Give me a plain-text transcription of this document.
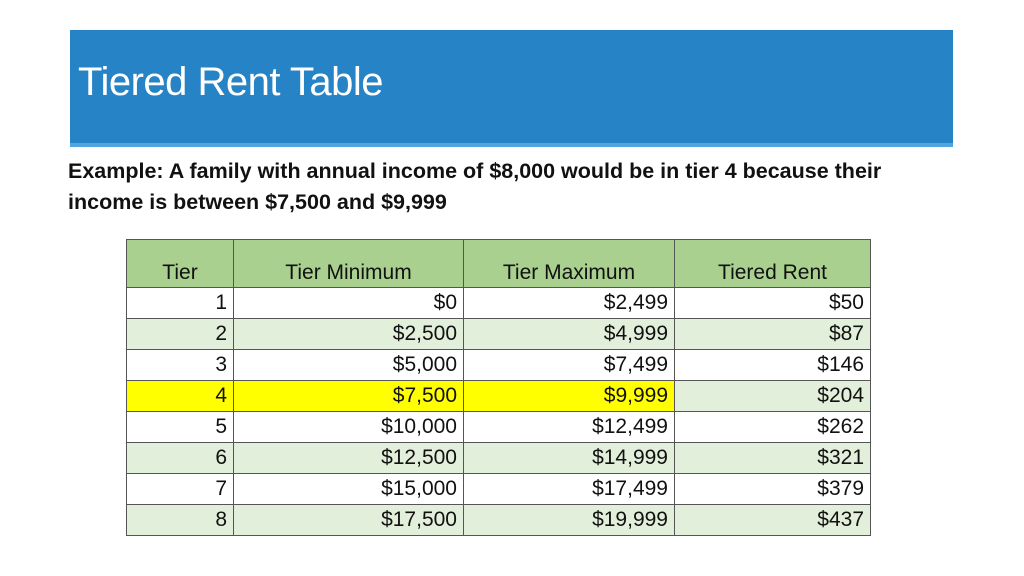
Tiered Rent Table
Example: A family with annual income of $8,000 would be in tier 4 because their income is between $7,500 and $9,999
Tier	Tier Minimum	Tier Maximum	Tiered Rent
1	$0	$2,499	$50
2	$2,500	$4,999	$87
3	$5,000	$7,499	$146
4	$7,500	$9,999	$204
5	$10,000	$12,499	$262
6	$12,500	$14,999	$321
7	$15,000	$17,499	$379
8	$17,500	$19,999	$437
